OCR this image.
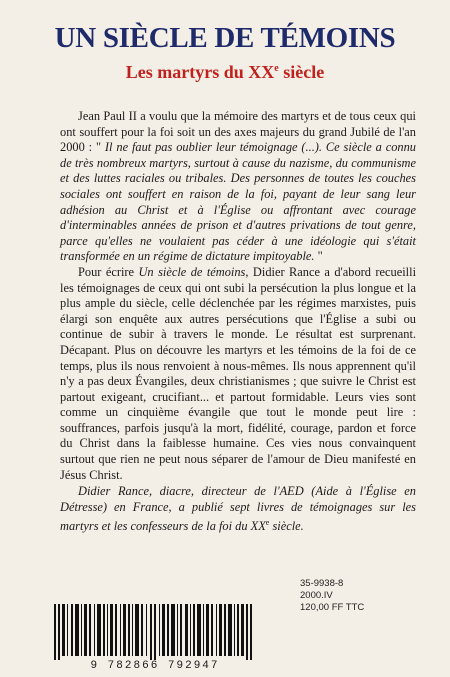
UN SIÈCLE DE TÉMOINS
Les martyrs du XXe siècle

Jean Paul II a voulu que la mémoire des martyrs et de tous ceux qui ont souffert pour la foi soit un des axes majeurs du grand Jubilé de l'an 2000 : " Il ne faut pas oublier leur témoignage (...). Ce siècle a connu de très nombreux martyrs, surtout à cause du nazisme, du communisme et des luttes raciales ou tribales. Des personnes de toutes les couches sociales ont souffert en raison de la foi, payant de leur sang leur adhésion au Christ et à l'Église ou affrontant avec courage d'interminables années de prison et d'autres privations de tout genre, parce qu'elles ne voulaient pas céder à une idéologie qui s'était transformée en un régime de dictature impitoyable. "

Pour écrire Un siècle de témoins, Didier Rance a d'abord recueilli les témoignages de ceux qui ont subi la persécution la plus longue et la plus ample du siècle, celle déclenchée par les régimes marxistes, puis élargi son enquête aux autres persécutions que l'Église a subi ou continue de subir à travers le monde. Le résultat est surprenant. Décapant. Plus on découvre les martyrs et les témoins de la foi de ce temps, plus ils nous renvoient à nous-mêmes. Ils nous apprennent qu'il n'y a pas deux Évangiles, deux christianismes ; que suivre le Christ est partout exigeant, crucifiant... et partout formidable. Leurs vies sont comme un cinquième évangile que tout le monde peut lire : souffrances, parfois jusqu'à la mort, fidélité, courage, pardon et force du Christ dans la faiblesse humaine. Ces vies nous convainquent surtout que rien ne peut nous séparer de l'amour de Dieu manifesté en Jésus Christ.

Didier Rance, diacre, directeur de l'AED (Aide à l'Église en Détresse) en France, a publié sept livres de témoignages sur les martyrs et les confesseurs de la foi du XXe siècle.

9 782866 792947
35-9938-8
2000.IV
120,00 FF TTC
